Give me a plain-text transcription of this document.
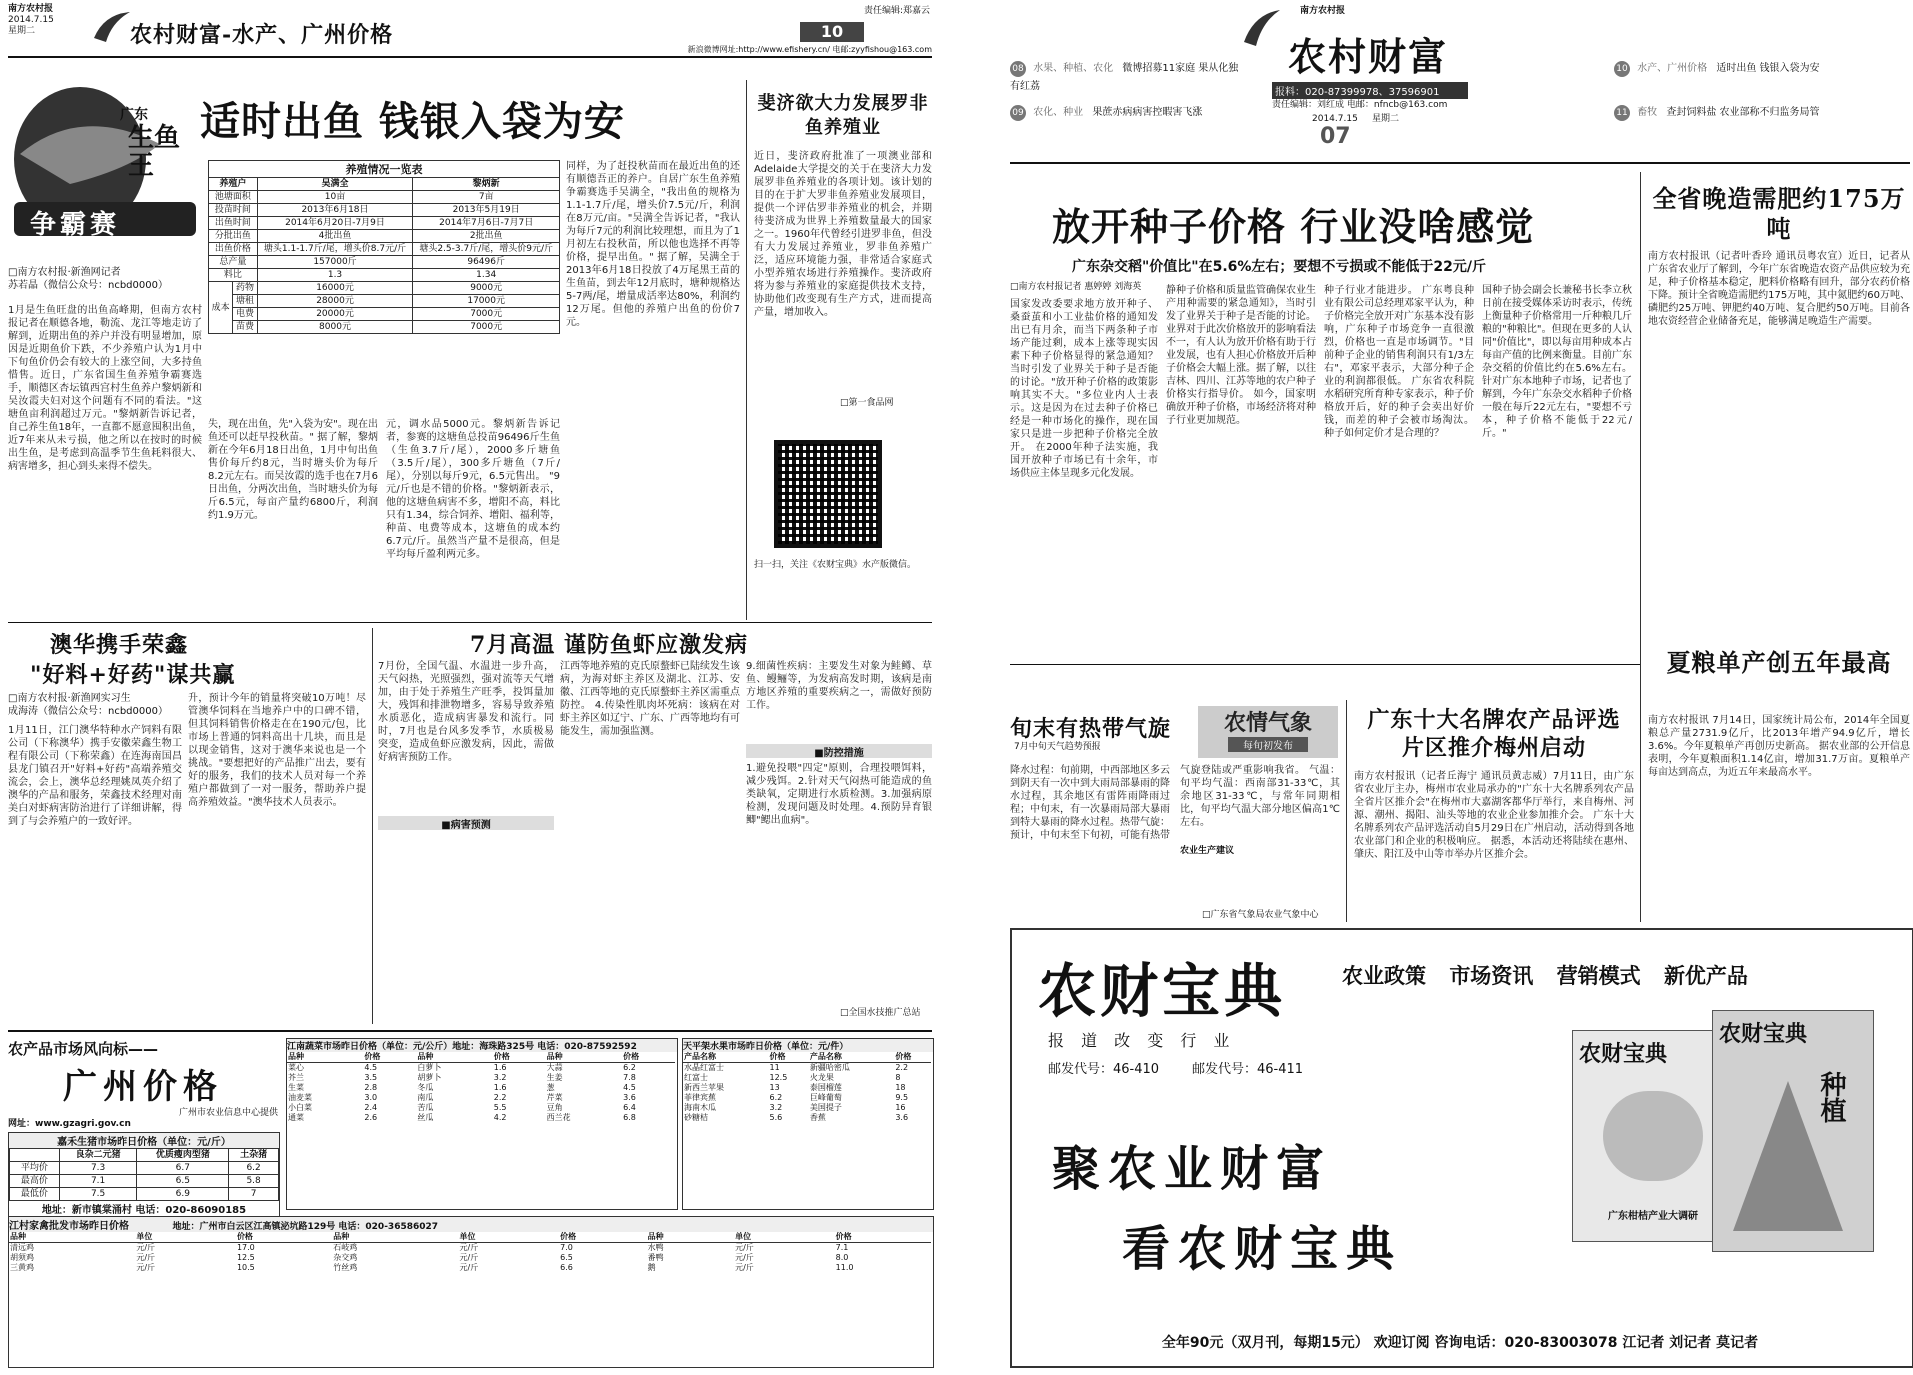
南方农村报
2014.7.15
星期二	农村财富-水产、广州价格
责任编辑:郑嘉云
10
新浪微博网址:http://www.efishery.cn/ 电邮:zyyfishou@163.com
广东
生鱼王
争霸赛
适时出鱼 钱银入袋为安
养殖情况一览表
养殖户		吴满全	黎炳新
池塘面积		10亩	7亩
投苗时间		2013年6月18日	2013年5月19日
出鱼时间		2014年6月20日-7月9日	2014年7月6日-7月7日
分批出鱼		4批出鱼	2批出鱼
出鱼价格		塘头1.1-1.7斤/尾，增头价8.7元/斤	塘头2.5-3.7斤/尾，增头价9元/斤
总产量		157000斤	96496斤
料比		1.3	1.34
成本	药物	16000元	9000元
	塘租	28000元	17000元
	电费	20000元	7000元
	苗费	8000元	7000元
□南方农村报·新渔网记者
苏若晶（微信公众号：ncbd0000）
1月是生鱼旺盘的出鱼高峰期，但南方农村报记者在顺德各地，勒流、龙江等地走访了解到，近期出鱼的养户并没有明显增加，原因是近期鱼价下跌，不少养殖户认为1月中下旬鱼价仍会有较大的上涨空间，大多持鱼惜售。近日，广东省国生鱼养殖争霸赛选手，顺德区杏坛镇西宫村生鱼养户黎炳新和吴汝霞夫妇对这个问题有不同的看法。"这塘鱼亩利润超过万元。"黎炳新告诉记者，自己养生鱼18年，一直都不愿意囤积出鱼，近7年来从未亏损，他之所以在按时的时候出生鱼，是考虑到高温季节生鱼耗料很大、病害增多，担心到头来得不偿失。
失，现在出鱼，先"入袋为安"。现在出鱼还可以赶早投秋苗。" 据了解，黎炳新在今年6月18日出鱼，1月中旬出鱼售价每斤约8元，当时塘头价为每斤8.2元左右。而吴汝霞的选手也在7月6日出鱼，分两次出鱼，当时塘头价为每斤6.5元，每亩产量约6800斤，利润约1.9万元。
元，调水品5000元。黎炳新告诉记者，参赛的这塘鱼总投苗96496斤生鱼（生鱼3.7斤/尾），2000多斤塘鱼（3.5斤/尾），300多斤塘鱼（7斤/尾），分别以每斤9元，6.5元售出。 "9元/斤也是不错的价格。"黎炳新表示，他的这塘鱼病害不多，增阳不高，料比只有1.34，综合饲养、增阳、福利等，种苗、电费等成本，这塘鱼的成本约6.7元/斤。虽然当产量不是很高，但是平均每斤盈利两元多。
同样，为了赶投秋苗而在最近出鱼的还有顺德吾正的养户。自居广东生鱼养殖争霸赛选手吴满全，"我出鱼的规格为1.1-1.7斤/尾，增头价7.5元/斤，利润在8万元/亩。"吴满全告诉记者，"我认为每斤7元的利润比较理想，而且为了1月初左右投秋苗，所以他也选择不再等价格，提早出鱼。" 据了解，吴满全于2013年6月18日投放了4万尾黑王苗的生鱼苗，到去年12月底时，塘种规格达5-7两/尾，增量成活率达80%，利润约12万尾。但他的养殖户出鱼的份价7元。
斐济欲大力发展罗非鱼养殖业
近日，斐济政府批准了一项澳业部和Adelaide大学提交的关于在斐济大力发展罗非鱼养殖业的各项计划。该计划的目的在于扩大罗非鱼养殖业发展项目，提供一个评估罗非养殖业的机会，并期待斐济成为世界上养殖数量最大的国家之一。1960年代曾经引进罗非鱼，但没有大力发展过养殖业，罗非鱼养殖广泛，适应环境能力强，非常适合家庭式小型养殖农场进行养殖操作。斐济政府将为参与养殖业的家庭提供技术支持，协助他们改变现有生产方式，进而提高产量，增加收入。
□第一食品网
扫一扫，关注《农财宝典》水产版微信。
澳华携手荣鑫
"好料+好药"谋共赢
□南方农村报·新渔网实习生
成海涛（微信公众号：ncbd0000）
1月11日，江门澳华特种水产饲料有限公司（下称澳华）携手安徽荣鑫生物工程有限公司（下称荣鑫）在连海南国昌县龙门镇召开"好料+好药"高端养殖交流会，会上，澳华总经理姚凤英介绍了澳华的产品和服务，荣鑫技术经理对南美白对虾病害防治进行了详细讲解，得到了与会养殖户的一致好评。
升，预计今年的销量将突破10万吨！尽管澳华饲料在当地养户中的口碑不错，但其饲料销售价格走在在190元/包，比市场上普通的饲料高出十几块，而且是以现金销售，这对于澳华来说也是一个挑战。"要想把好的产品推广出去，要有好的服务，我们的技术人员对每一个养殖户都做到了一对一服务，帮助养户提高养殖效益。"澳华技术人员表示。
7月高温 谨防鱼虾应激发病
7月份，全国气温、水温进一步升高，天气闷热，光照强烈，强对流等天气增加，由于处于养殖生产旺季，投饵量加大，残饵和排泄物增多，容易导致养殖水质恶化，造成病害暴发和流行。同时，7月也是台风多发季节，水质极易突变，造成鱼虾应激发病，因此，需做好病害预防工作。
■病害预测
江西等地养殖的克氏原螯虾已陆续发生该病，为海对虾主养区及湖北、江苏、安徽、江西等地的克氏原螯虾主养区需重点防控。 4.传染性肌肉坏死病：该病在对虾主养区如辽宁、广东、广西等地均有可能发生，需加强监测。
9.细菌性疾病：主要发生对象为鲑鳟、草鱼、鳗鲡等，为发病高发时期，该病是南方地区养殖的重要疾病之一，需做好预防工作。
■防控措施
1.避免投喂"四定"原则，合理投喂饵料，减少残饵。2.针对天气闷热可能造成的鱼类缺氧，定期进行水质检测。3.加强病原检测，发现问题及时处理。4.预防异育银鲫"鳃出血病"。
□全国水技推广总站
农产品市场风向标——
广州价格
广州市农业信息中心提供
网址：www.gzagri.gov.cn
嘉禾生猪市场昨日价格（单位：元/斤）
	良杂二元猪	优质瘦肉型猪	土杂猪
平均价	7.3	6.7	6.2
最高价	7.1	6.5	5.8
最低价	7.5	6.9	7
地址：新市镇棠涌村 电话：020-86090185
江南蔬菜市场昨日价格（单位：元/公斤）地址：海珠路325号 电话：020-87592592
品种	价格	品种	价格	品种	价格
菜心	4.5	白萝卜	1.6	大蒜	6.2
芥兰	3.5	胡萝卜	3.2	生姜	7.8
生菜	2.8	冬瓜	1.6	葱	4.5
油麦菜	3.0	南瓜	2.2	芹菜	3.6
小白菜	2.4	苦瓜	5.5	豆角	6.4
通菜	2.6	丝瓜	4.2	西兰花	6.8
天平架水果市场昨日价格（单位：元/件）
产品名称	价格	产品名称	价格
水晶红富士	11	新疆哈密瓜	2.2
红富士	12.5	火龙果	8
新西兰苹果	13	泰国榴莲	18
菲律宾蕉	6.2	巨峰葡萄	9.5
海南木瓜	3.2	美国提子	16
砂糖桔	5.6	香蕉	3.6
江村家禽批发市场昨日价格	地址：广州市白云区江高镇泌坑路129号 电话：020-36586027
品种	单位	价格	品种	单位	价格	品种	单位	价格
清远鸡	元/斤	17.0	石岐鸡	元/斤	7.0	水鸭	元/斤	7.1
胡须鸡	元/斤	12.5	杂交鸡	元/斤	6.5	番鸭	元/斤	8.0
三黄鸡	元/斤	10.5	竹丝鸡	元/斤	6.6	鹅	元/斤	11.0
南方农村报
农村财富
报料：020-87399978、37596901
责任编辑：刘红成 电邮：nfncb@163.com
2014.7.15 星期二
07
08 水果、种植、农化 微博招募11家庭 果从化独有红荔
09 农化、种业 果蔗赤病病害控暇害飞涨
10 水产、广州价格 适时出鱼 钱银入袋为安
11 畜牧 查封饲料盐 农业部称不归监务局管
放开种子价格 行业没啥感觉
广东杂交稻"价值比"在5.6%左右；要想不亏损或不能低于22元/斤
□南方农村报记者 惠婷婷 刘海英
国家发改委要求地方放开种子、桑蚕茧和小工业盐价格的通知发出已有月余，而当下两条种子市场产能过剩，成本上涨等现实因素下种子价格显得的紧急通知？当时引发了业界关于种子是否能的讨论。"放开种子价格的政策影响其实不大。"多位业内人士表示。这是因为在过去种子价格已经是一种市场化的操作，现在国家只是进一步把种子价格完全放开。 在2000年种子法实施，我国开放种子市场已有十余年，市场供应主体呈现多元化发展。
静种子价格和质量监管确保农业生产用种需要的紧急通知》，当时引发了业界关于种子是否能的讨论。业界对于此次价格放开的影响看法不一，有人认为放开价格有助于行业发展，也有人担心价格放开后种子价格会大幅上涨。据了解，以往吉林、四川、江苏等地的农户种子价格实行指导价。 如今，国家明确放开种子价格，市场经济将对种子行业更加规范。
种子行业才能进步。 广东粤良种业有限公司总经理邓家平认为，种子价格完全放开对广东基本没有影响，广东种子市场竞争一直很激烈，价格也一直是市场调节。"目前种子企业的销售利润只有1/3左右"，邓家平表示，大部分种子企业的利润都很低。 广东省农科院水稻研究所育种专家表示，种子价格放开后，好的种子会卖出好价钱，而差的种子会被市场淘汰。 种子如何定价才是合理的？
国种子协会副会长兼秘书长李立秋日前在接受媒体采访时表示，传统上衡量种子价格常用一斤种粮几斤粮的"种粮比"。但现在更多的人认同"价值比"，即以每亩用种成本占每亩产值的比例来衡量。目前广东杂交稻的价值比约在5.6%左右。 针对广东本地种子市场，记者也了解到，今年广东杂交水稻种子价格一般在每斤22元左右，"要想不亏本，种子价格不能低于22元/斤。"
全省晚造需肥约175万吨
南方农村报讯（记者叶香玲 通讯员粤农宣）近日，记者从广东省农业厅了解到，今年广东省晚造农资产品供应较为充足，种子价格基本稳定，肥料价格略有回升，部分农药价格下降。预计全省晚造需肥约175万吨，其中氮肥约60万吨、磷肥约25万吨、钾肥约40万吨、复合肥约50万吨。目前各地农资经营企业储备充足，能够满足晚造生产需要。
夏粮单产创五年最高
南方农村报讯 7月14日，国家统计局公布，2014年全国夏粮总产量2731.9亿斤，比2013年增产94.9亿斤，增长3.6%。今年夏粮单产再创历史新高。 据农业部的公开信息表明，今年夏粮面积1.14亿亩，增加31.7万亩。夏粮单产每亩达到高点，为近五年来最高水平。
旬末有热带气旋
7月中旬天气趋势预报
农情气象
每旬初发布
降水过程：旬前期，中西部地区多云到阴天有一次中到大雨局部暴雨的降水过程，其余地区有雷阵雨降雨过程；中旬末，有一次暴雨局部大暴雨到特大暴雨的降水过程。热带气旋：预计，中旬末至下旬初，可能有热带气旋登陆或严重影响我省。 气温：旬平均气温：西南部31-33℃，其余地区31-33℃，与常年同期相比，旬平均气温大部分地区偏高1℃左右。
农业生产建议
广东十大名牌农产品评选
片区推介梅州启动
南方农村报讯（记者丘海宁 通讯员黄志威）7月11日，由广东省农业厅主办，梅州市农业局承办的"广东十大名牌系列农产品全省片区推介会"在梅州市大嘉湖客都华厅举行，来自梅州、河源、潮州、揭阳、汕头等地的农业企业参加推介会。 广东十大名牌系列农产品评选活动自5月29日在广州启动，活动得到各地农业部门和企业的积极响应。 据悉，本活动还将陆续在惠州、肇庆、阳江及中山等市举办片区推介会。
□广东省气象局农业气象中心
农财宝典	农业政策 市场资讯 营销模式 新优产品
报 道 改 变 行 业
邮发代号：46-410	邮发代号：46-411
聚农业财富
看农财宝典
农财宝典
广东柑桔产业大调研
农财宝典
种植
全年90元（双月刊，每期15元） 欢迎订阅 咨询电话：020-83003078 江记者 刘记者 莫记者
